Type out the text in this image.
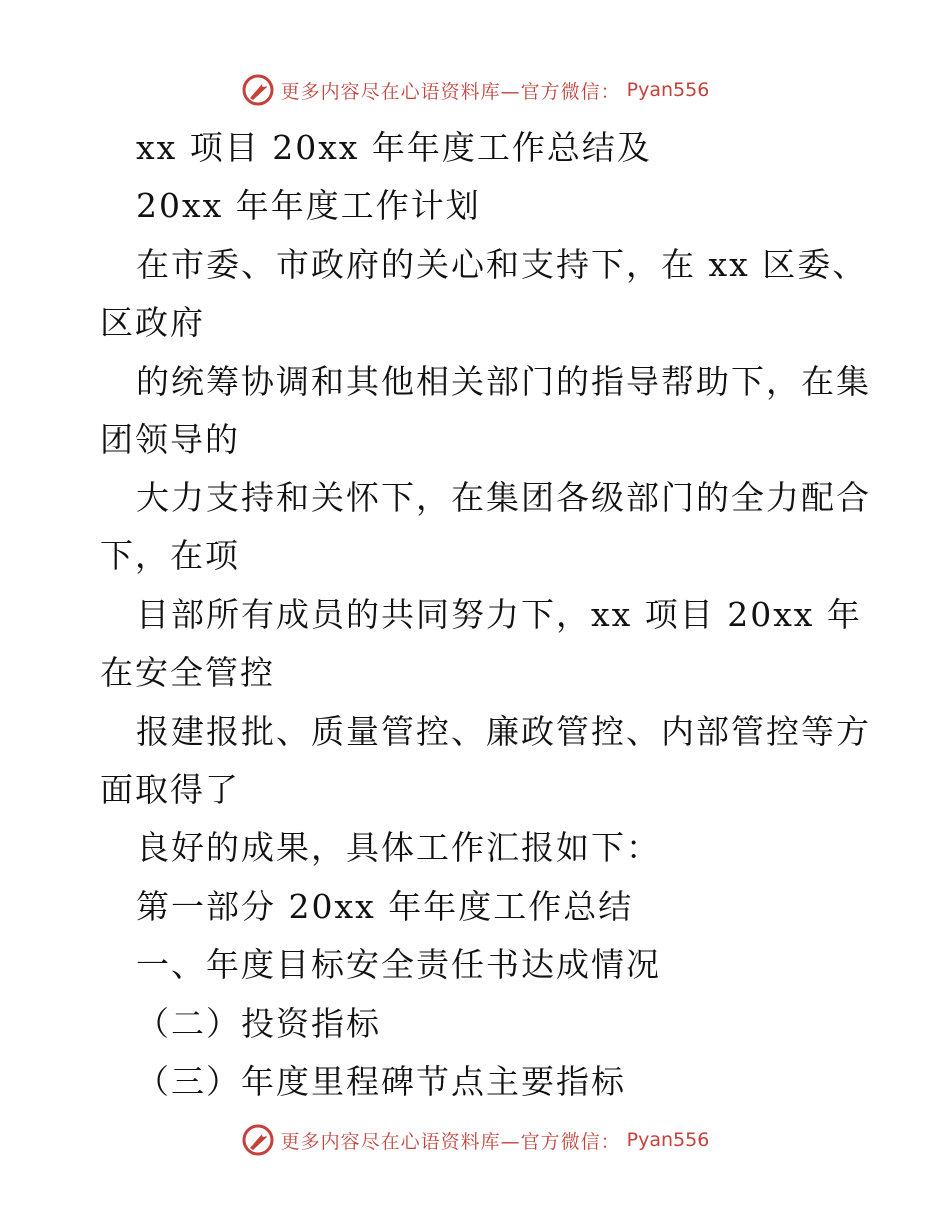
更多内容尽在心语资料库—官方微信： Pyan556
xx 项目 20xx 年年度工作总结及
20xx 年年度工作计划
在市委、市政府的关心和支持下，在 xx 区委、
区政府
的统筹协调和其他相关部门的指导帮助下，在集
团领导的
大力支持和关怀下，在集团各级部门的全力配合
下，在项
目部所有成员的共同努力下，xx 项目 20xx 年
在安全管控
报建报批、质量管控、廉政管控、内部管控等方
面取得了
良好的成果，具体工作汇报如下：
第一部分 20xx 年年度工作总结
一、年度目标安全责任书达成情况
（二）投资指标
（三）年度里程碑节点主要指标
更多内容尽在心语资料库—官方微信： Pyan556
